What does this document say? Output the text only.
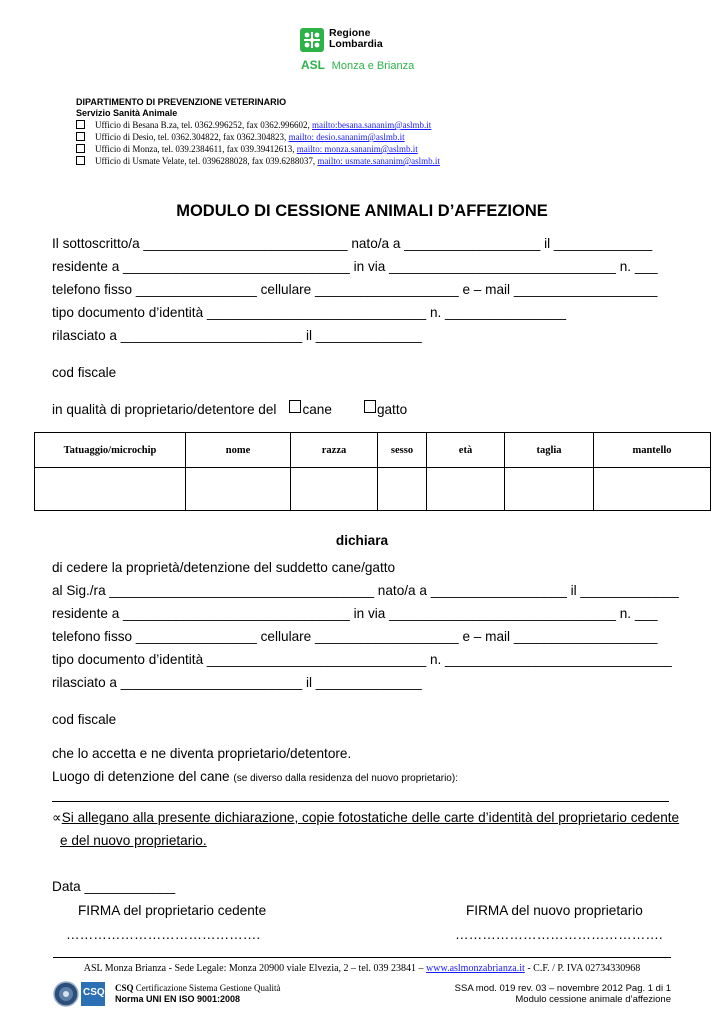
Regione
Lombardia
ASL Monza e Brianza
DIPARTIMENTO DI PREVENZIONE VETERINARIO
Servizio Sanità Animale
Ufficio di Besana B.za, tel. 0362.996252, fax 0362.996602, mailto:besana.sananim@aslmb.it
Ufficio di Desio, tel. 0362.304822, fax 0362.304823, mailto: desio.sananim@aslmb.it
Ufficio di Monza, tel. 039.2384611, fax 039.39412613, mailto: monza.sananim@aslmb.it
Ufficio di Usmate Velate, tel. 0396288028, fax 039.6288037, mailto: usmate.sananim@aslmb.it
MODULO DI CESSIONE ANIMALI D’AFFEZIONE
Il sottoscritto/a ___________________________ nato/a a __________________ il _____________
residente a ______________________________ in via ______________________________ n. ___
telefono fisso ________________ cellulare ___________________ e – mail ___________________
tipo documento d’identità _____________________________ n. ________________
rilasciato a ________________________ il ______________
cod fiscale
in qualità di proprietario/detentore del cane	gatto
Tatuaggio/microchip	nome	razza	sesso	età	taglia	mantello

dichiara
di cedere la proprietà/detenzione del suddetto cane/gatto
al Sig./ra ___________________________________ nato/a a __________________ il _____________
residente a ______________________________ in via ______________________________ n. ___
telefono fisso ________________ cellulare ___________________ e – mail ___________________
tipo documento d’identità _____________________________ n. ______________________________
rilasciato a ________________________ il ______________
cod fiscale
che lo accetta e ne diventa proprietario/detentore.
Luogo di detenzione del cane (se diverso dalla residenza del nuovo proprietario):
∝Si allegano alla presente dichiarazione, copie fotostatiche delle carte d’identità del proprietario cedente
e del nuovo proprietario.
Data ____________
FIRMA del proprietario cedente	FIRMA del nuovo proprietario
…………………………………….	……………………………………….
ASL Monza Brianza - Sede Legale: Monza 20900 viale Elvezia, 2 – tel. 039 23841 – www.aslmonzabrianza.it - C.F. / P. IVA 02734330968
CSQ CSQ Certificazione Sistema Gestione Qualità
Norma UNI EN ISO 9001:2008
SSA mod. 019 rev. 03 – novembre 2012 Pag. 1 di 1
Modulo cessione animale d’affezione
